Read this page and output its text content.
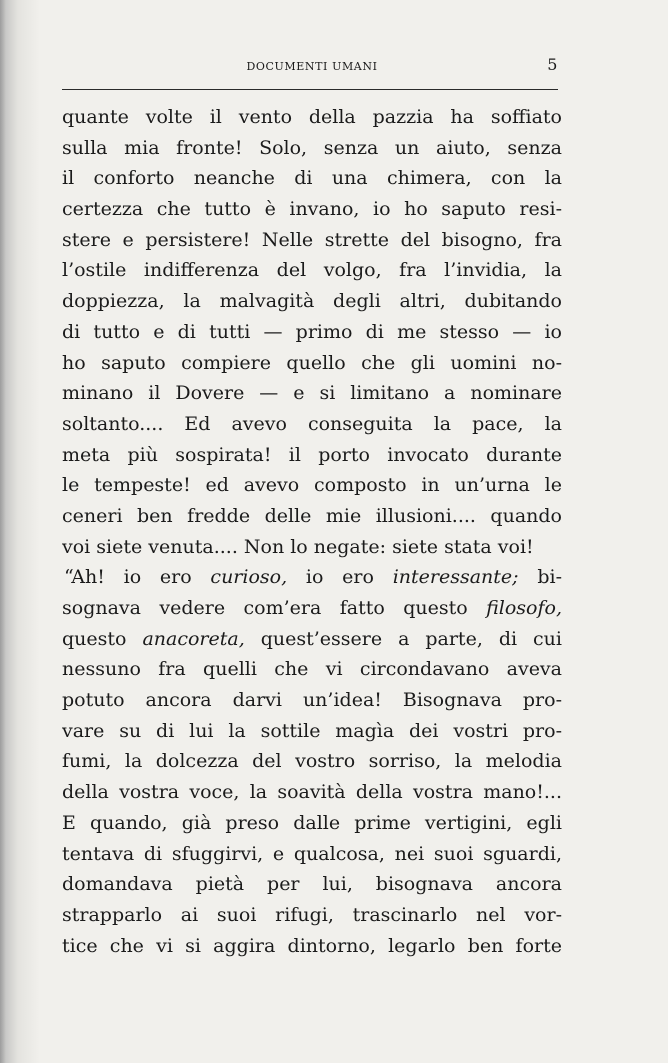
DOCUMENTI UMANI	5
quante volte il vento della pazzia ha soffiato
sulla mia fronte! Solo, senza un aiuto, senza
il conforto neanche di una chimera, con la
certezza che tutto è invano, io ho saputo resi-
stere e persistere! Nelle strette del bisogno, fra
l’ostile indifferenza del volgo, fra l’invidia, la
doppiezza, la malvagità degli altri, dubitando
di tutto e di tutti — primo di me stesso — io
ho saputo compiere quello che gli uomini no-
minano il Dovere — e si limitano a nominare
soltanto.... Ed avevo conseguita la pace, la
meta più sospirata! il porto invocato durante
le tempeste! ed avevo composto in un’urna le
ceneri ben fredde delle mie illusioni.... quando
voi siete venuta.... Non lo negate: siete stata voi!
“Ah! io ero curioso, io ero interessante; bi-
sognava vedere com’era fatto questo filosofo,
questo anacoreta, quest’essere a parte, di cui
nessuno fra quelli che vi circondavano aveva
potuto ancora darvi un’idea! Bisognava pro-
vare su di lui la sottile magìa dei vostri pro-
fumi, la dolcezza del vostro sorriso, la melodia
della vostra voce, la soavità della vostra mano!...
E quando, già preso dalle prime vertigini, egli
tentava di sfuggirvi, e qualcosa, nei suoi sguardi,
domandava pietà per lui, bisognava ancora
strapparlo ai suoi rifugi, trascinarlo nel vor-
tice che vi si aggira dintorno, legarlo ben forte
